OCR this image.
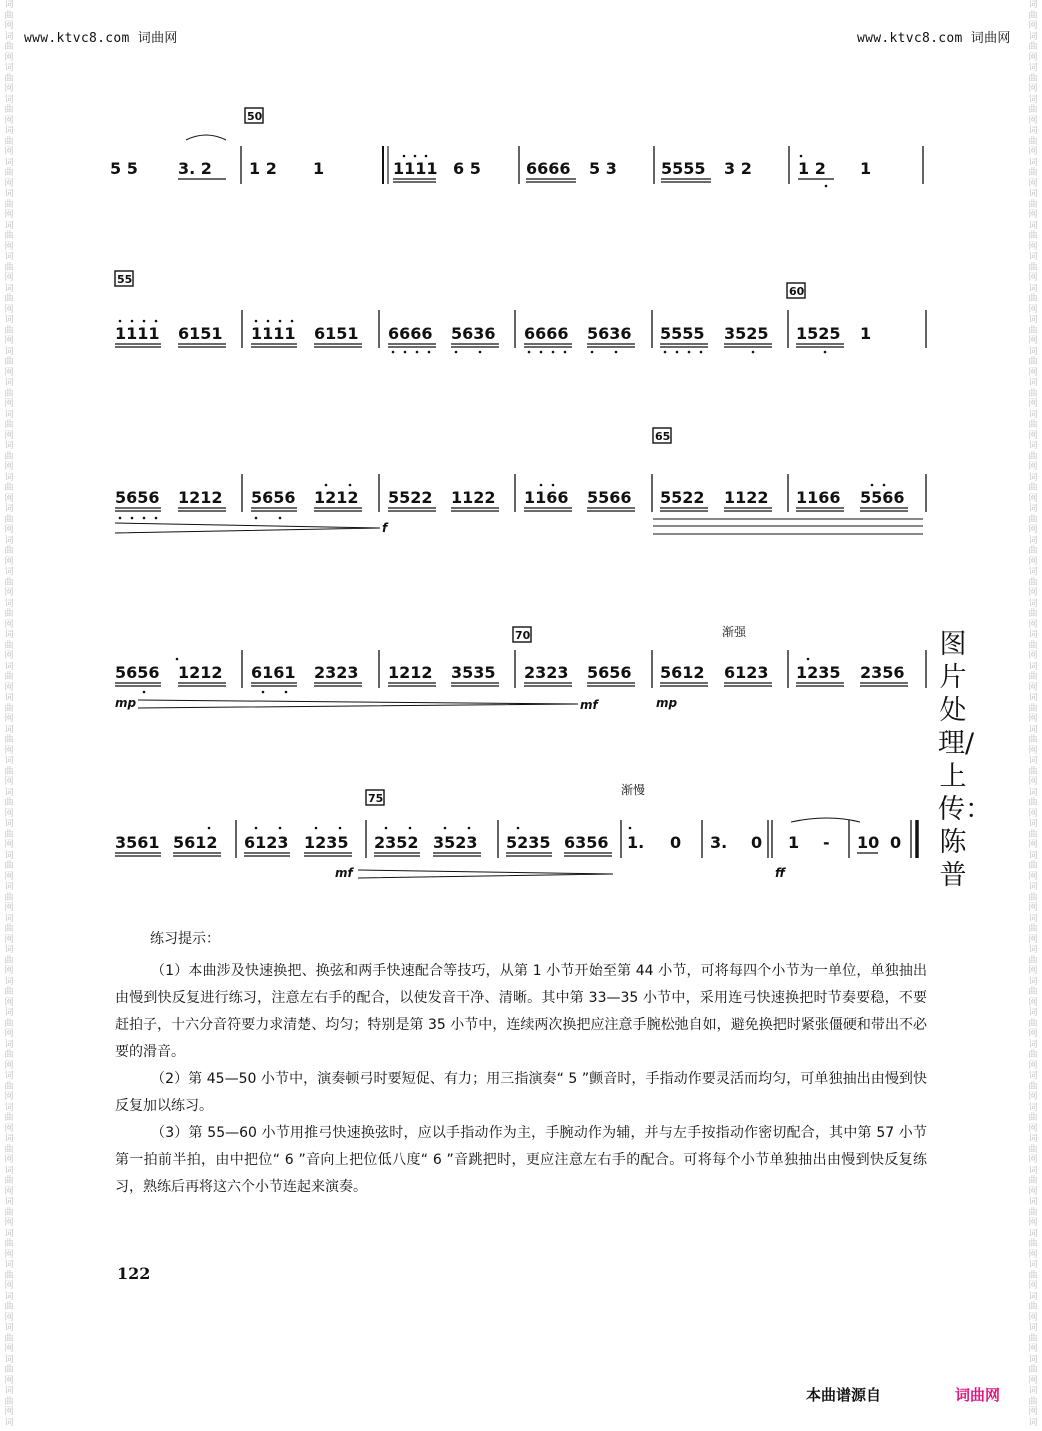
词
曲
网
词
曲
网
词
曲
网
词
曲
网
词
曲
网
词
曲
网
词
曲
网
词
曲
网
词
曲
网
词
曲
网
词
曲
网
词
曲
网
词
曲
网
词
曲
网
词
曲
网
词
曲
网
词
曲
网
词
曲
网
词
曲
网
词
曲
网
词
曲
网
词
曲
网
词
曲
网
词
曲
网
词
曲
网
词
曲
网
词
曲
网
词
曲
网
词
曲
网
词
曲
网
词
曲
网
词
曲
网
词
曲
网
词
曲
网
词
曲
网
词
曲
网
词
曲
网
词
曲
网
词
曲
网
词
曲
网
词
曲
网
词
曲
网
词
曲
网
词
曲
网
词
曲
网
词
词
曲
网
词
曲
网
词
曲
网
词
曲
网
词
曲
网
词
曲
网
词
曲
网
词
曲
网
词
曲
网
词
曲
网
词
曲
网
词
曲
网
词
曲
网
词
曲
网
词
曲
网
词
曲
网
词
曲
网
词
曲
网
词
曲
网
词
曲
网
词
曲
网
词
曲
网
词
曲
网
词
曲
网
词
曲
网
词
曲
网
词
曲
网
词
曲
网
词
曲
网
词
曲
网
词
曲
网
词
曲
网
词
曲
网
词
曲
网
词
曲
网
词
曲
网
词
曲
网
词
曲
网
词
曲
网
词
曲
网
词
曲
网
词
曲
网
词
曲
网
词
曲
网
词
曲
网
词
www.ktvc8.com 词曲网	www.ktvc8.com 词曲网
50
5 5	3. 2 1 2 1	1111 6 5	6666 5 3	5555 3 2	1 2 1
55
60
1111 6151 1111 6151 6666 5636 6666 5636 5555 3525 1525 1
65
5656 1212 5656 1212 5522 1122 1166 5566 5522 1122 1166 5566
f
70	渐强
5656 1212 6161 2323 1212 3535 2323 5656 5612 6123 1235 2356
mp	mf	mp
图片处理/上传：陈普
75
渐慢
3561 5612 6123 1235 2352 3523 5235 6356 1. 0 3. 0 1 - 10 0
mf	ff
练习提示：
（1）本曲涉及快速换把、换弦和两手快速配合等技巧，从第 1 小节开始至第 44 小节，可将每四个小节为一单位，单独抽出由慢到快反复进行练习，注意左右手的配合，以使发音干净、清晰。其中第 33—35 小节中，采用连弓快速换把时节奏要稳，不要赶拍子，十六分音符要力求清楚、均匀；特别是第 35 小节中，连续两次换把应注意手腕松弛自如，避免换把时紧张僵硬和带出不必要的滑音。
（2）第 45—50 小节中，演奏顿弓时要短促、有力；用三指演奏“ 5 ”颤音时，手指动作要灵活而均匀，可单独抽出由慢到快反复加以练习。
（3）第 55—60 小节用推弓快速换弦时，应以手指动作为主，手腕动作为辅，并与左手按指动作密切配合，其中第 57 小节第一拍前半拍，由中把位“ 6 ”音向上把位低八度“ 6 ”音跳把时，更应注意左右手的配合。可将每个小节单独抽出由慢到快反复练习，熟练后再将这六个小节连起来演奏。
122
本曲谱源自	词曲网
